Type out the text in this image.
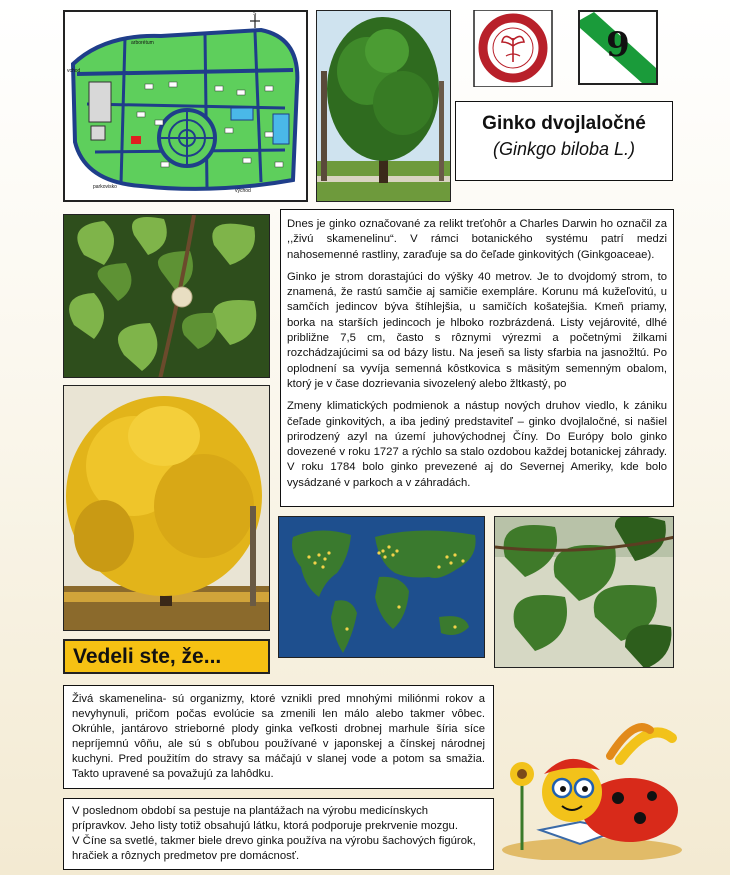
S
vchod
arborétum
parkovisko
východ
9
Ginko dvojlaločné
(Ginkgo biloba L.)

Dnes je ginko označované za relikt treťohôr a Charles Darwin ho označil za ,,živú skamenelinu“. V rámci botanického systému patrí medzi nahosemenné rastliny, zaraďuje sa do čeľade ginkovitých (Ginkgoaceae).

Ginko je strom dorastajúci do výšky 40 metrov. Je to dvojdomý strom, to znamená, že rastú samčie aj samičie exempláre. Korunu má kužeľovitú, u samčích jedincov býva štíhlejšia, u samičích košatejšia. Kmeň priamy, borka na starších jedincoch je hlboko rozbrázdená. Listy vejárovité, dlhé približne 7,5 cm, často s rôznymi výrezmi a početnými žilkami rozchádzajúcimi sa od bázy listu. Na jeseň sa listy sfarbia na jasnožltú. Po oplodnení sa vyvíja semenná kôstkovica s mäsitým semenným obalom, ktorý je v čase dozrievania sivozelený alebo žltkastý, po

Zmeny klimatických podmienok a nástup nových druhov viedlo, k zániku čeľade ginkovitých, a iba jediný predstaviteľ – ginko dvojlaločné, si našiel prirodzený azyl na území juhovýchodnej Číny. Do Európy bolo ginko dovezené v roku 1727 a rýchlo sa stalo ozdobou každej botanickej záhrady. V roku 1784 bolo ginko prevezené aj do Severnej Ameriky, kde bolo vysádzané v parkoch a v záhradách.

Vedeli ste, že...
Živá skamenelina- sú organizmy, ktoré vznikli pred mnohými miliónmi rokov a nevyhynuli, pričom počas evolúcie sa zmenili len málo alebo takmer vôbec. Okrúhle, jantárovo strieborné plody ginka veľkosti drobnej marhule šíria síce nepríjemnú vôňu, ale sú s obľubou používané v japonskej a čínskej národnej kuchyni. Pred použitím do stravy sa máčajú v slanej vode a potom sa smažia. Takto upravené sa považujú za lahôdku.
V poslednom období sa pestuje na plantážach na výrobu medicínskych prípravkov. Jeho listy totiž obsahujú látku, ktorá podporuje prekrvenie mozgu.
V Číne sa svetlé, takmer biele drevo ginka používa na výrobu šachových figúrok, hračiek a rôznych predmetov pre domácnosť.
